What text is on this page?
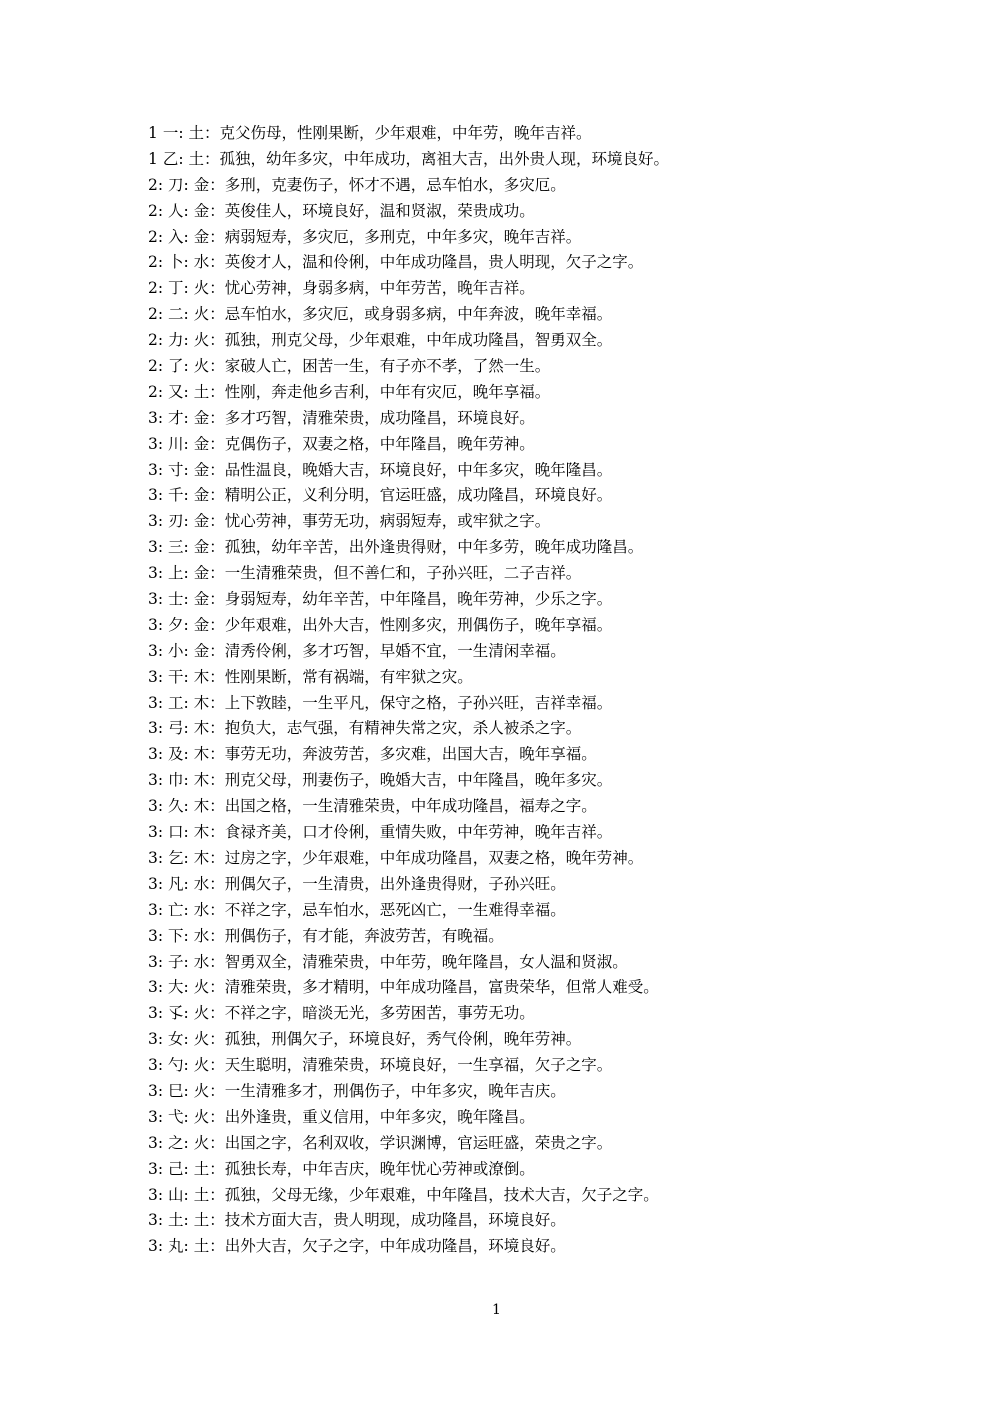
1 一: 土：克父伤母，性刚果断，少年艰难，中年劳，晚年吉祥。
1 乙: 土：孤独，幼年多灾，中年成功，离祖大吉，出外贵人现，环境良好。
2: 刀: 金：多刑，克妻伤子，怀才不遇，忌车怕水，多灾厄。
2: 人: 金：英俊佳人，环境良好，温和贤淑，荣贵成功。
2: 入: 金：病弱短寿，多灾厄，多刑克，中年多灾，晚年吉祥。
2: 卜: 水：英俊才人，温和伶俐，中年成功隆昌，贵人明现，欠子之字。
2: 丁: 火：忧心劳神，身弱多病，中年劳苦，晚年吉祥。
2: 二: 火：忌车怕水，多灾厄，或身弱多病，中年奔波，晚年幸福。
2: 力: 火：孤独，刑克父母，少年艰难，中年成功隆昌，智勇双全。
2: 了: 火：家破人亡，困苦一生，有子亦不孝，了然一生。
2: 又: 土：性刚，奔走他乡吉利，中年有灾厄，晚年享福。
3: 才: 金：多才巧智，清雅荣贵，成功隆昌，环境良好。
3: 川: 金：克偶伤子，双妻之格，中年隆昌，晚年劳神。
3: 寸: 金：品性温良，晚婚大吉，环境良好，中年多灾，晚年隆昌。
3: 千: 金：精明公正，义利分明，官运旺盛，成功隆昌，环境良好。
3: 刃: 金：忧心劳神，事劳无功，病弱短寿，或牢狱之字。
3: 三: 金：孤独，幼年辛苦，出外逢贵得财，中年多劳，晚年成功隆昌。
3: 上: 金：一生清雅荣贵，但不善仁和，子孙兴旺，二子吉祥。
3: 士: 金：身弱短寿，幼年辛苦，中年隆昌，晚年劳神，少乐之字。
3: 夕: 金：少年艰难，出外大吉，性刚多灾，刑偶伤子，晚年享福。
3: 小: 金：清秀伶俐，多才巧智，早婚不宜，一生清闲幸福。
3: 干: 木：性刚果断，常有祸端，有牢狱之灾。
3: 工: 木：上下敦睦，一生平凡，保守之格，子孙兴旺，吉祥幸福。
3: 弓: 木：抱负大，志气强，有精神失常之灾，杀人被杀之字。
3: 及: 木：事劳无功，奔波劳苦，多灾难，出国大吉，晚年享福。
3: 巾: 木：刑克父母，刑妻伤子，晚婚大吉，中年隆昌，晚年多灾。
3: 久: 木：出国之格，一生清雅荣贵，中年成功隆昌，福寿之字。
3: 口: 木：食禄齐美，口才伶俐，重情失败，中年劳神，晚年吉祥。
3: 乞: 木：过房之字，少年艰难，中年成功隆昌，双妻之格，晚年劳神。
3: 凡: 水：刑偶欠子，一生清贵，出外逢贵得财，子孙兴旺。
3: 亡: 水：不祥之字，忌车怕水，恶死凶亡，一生难得幸福。
3: 下: 水：刑偶伤子，有才能，奔波劳苦，有晚福。
3: 子: 水：智勇双全，清雅荣贵，中年劳，晚年隆昌，女人温和贤淑。
3: 大: 火：清雅荣贵，多才精明，中年成功隆昌，富贵荣华，但常人难受。
3: 孓: 火：不祥之字，暗淡无光，多劳困苦，事劳无功。
3: 女: 火：孤独，刑偶欠子，环境良好，秀气伶俐，晚年劳神。
3: 勺: 火：天生聪明，清雅荣贵，环境良好，一生享福，欠子之字。
3: 巳: 火：一生清雅多才，刑偶伤子，中年多灾，晚年吉庆。
3: 弋: 火：出外逢贵，重义信用，中年多灾，晚年隆昌。
3: 之: 火：出国之字，名利双收，学识渊博，官运旺盛，荣贵之字。
3: 己: 土：孤独长寿，中年吉庆，晚年忧心劳神或潦倒。
3: 山: 土：孤独，父母无缘，少年艰难，中年隆昌，技术大吉，欠子之字。
3: 土: 土：技术方面大吉，贵人明现，成功隆昌，环境良好。
3: 丸: 土：出外大吉，欠子之字，中年成功隆昌，环境良好。
1
